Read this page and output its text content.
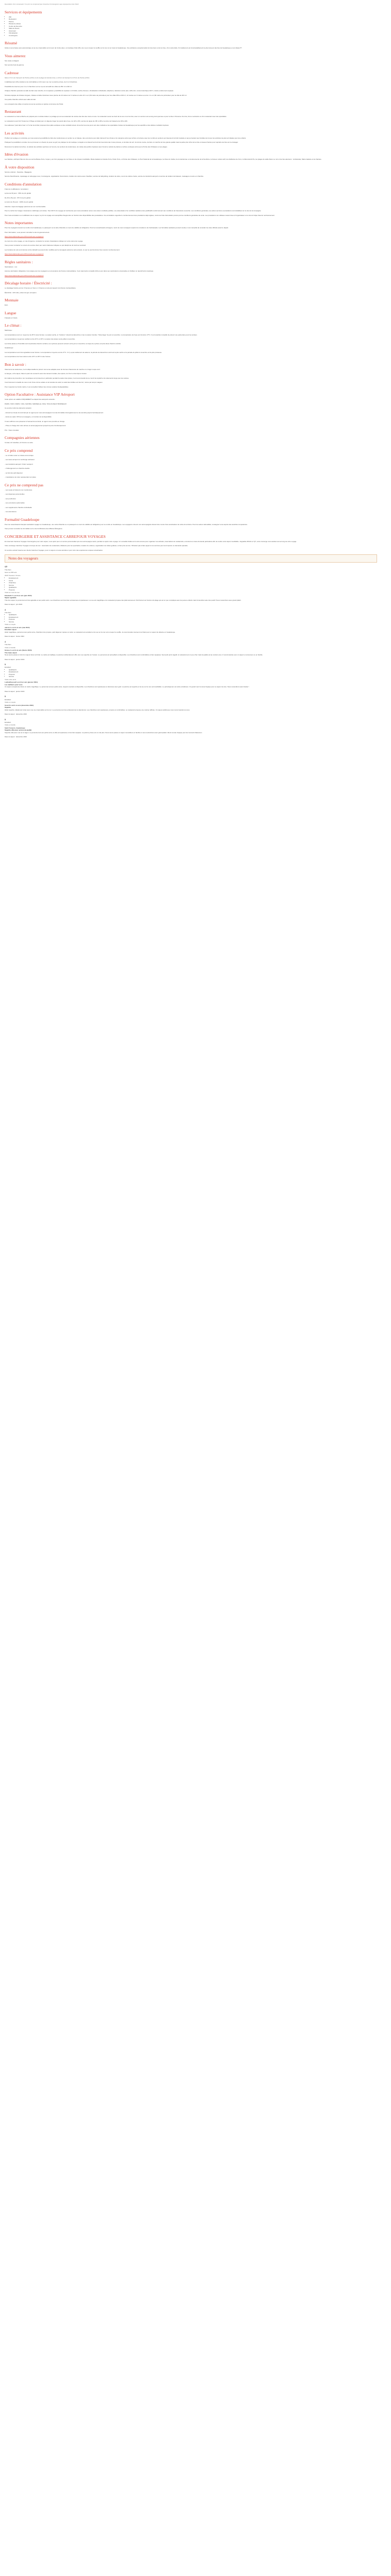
Description d'un composant / Ce prix ne comprend pas l'unanime Conciergerie Loge Arquéyonne Axis Clévil

Services et équipements
• Wifi
• Restaurant
• Piscine
• Plusieurs entrées
• Centre de bien-être
• Salle de fitness
• Ascenseur
• Climatisation
• Conciergerie
Résumé

Grâce à sa terrasse avec panoramique et sa vue imprenable sur le lever de l'entre-deux, ce boutique hôtel offre une vue à couper le souffle sur la mer et sur toute la Guadeloupe. Une ambiance exceptionnelle loin des lieux et de la crise, vif et cette belle, l'ici réellement est incontestablement le plus luxueux des îles de Guadeloupe et est classé 5*.

Vous aimerez

Son vaste et élégant

Son service haut de gamme

Cadresse

Situé à 5 km de l'aéroport de Pointe-à-Pitre et de la plage de Grande Anse, à 20 km de l'aéroport et 15 km de Pointe-à-Pitre.

L'établissement offre résidence de confortables et chic avec vue mer et piscine privée, de 2 à 4 chambres.

Possibilité de réserver pour 2 ou 3 chambres sur les 4 pour accueillir les villas de 250 m² à 430 m².

Chaque chambre possède sa salle de bain avec douche, fer à repasser, possibilité de repasser un lit bébé, sèche-cheveux, climatisation individuelle, téléphone, télévision écran plat, coffre-fort, couvert électrique 220 V, cuisine entièrement équipée.

Terrasse équipée de chaises longues, chaises et table d'extérieur avec piscine de 10 mètres sur 3 mètres et entre 16 m et 1,50 mètre de profondeur pour les villas 250 et 430 m², 12 mètres sur 3 mètres et entre 1 m et 1,50 mètre de profondeur pour la villa de 315 m².

Une petite chambre enfant avec salle de bain.

Les occupants des villas ont accès à tous les services et parties communes de l'hôtel.

Restaurant

Le restaurant La Canne Mèche est préparé par un artiste traiteur, le partage qui est au restaurant de cuisine des îles des mets et mets. Ce restaurant ouvert au bord de la mer et sur les îles, avec un service tout au long de la journée et pour le diner. Présence d'un bar, d'une mezzanine et d'un restaurant avec des spécialités.

Le restaurant ouvert fort Toutes les 2 Plage est idéal pour un déjeuner léger les pieds dans l'eau, de 12h à 15h, service de tapas de 15h à 18h et service de brasserie de 19h à 22h.

Ces adresses "pied dans l'eau" et "le bar de la Mer proposent des plats exotiques et des cocktails locaux. Et au bar tous les jours vers des cocktails et les spécialités créoles de Guadeloupe pour les apéritifs et des délices cocktails tropicaux.

Les activités

Profitez de la plage en contrebas, qui vous assure la possibilité de faire des randonnées en sentier ou en bateau, des excursions pour aller découvrir les chutes et la mangrove ainsi que la flore et la faune avec les nombreux sentiers qui traversent la forêt tropicale et qui permettent aux familles de trouver les activités de plein air idéales pour les enfants.

Pratiquez la possibilité le snorkel, de se promener en cheval, de jouer au golf, de pratiquer le ski nautique, le kayak ou le kitesurf au bord de l'eau dans des zones prévues, et de faire du surf, du ski de course, de faire un marché de très grande qualité mais la partie plus riche de la côte et réseau d'accès pour rejoindre les îles est à envisager.

Découvrez la variété de la flore, la variété des activités sportives sur la terre, les sentiers de randonnées, les visites des jardins tropicaux avec l'énorme variété de plantes et arbres exotiques ainsi que le Pointe des Châteaux et ses plages.

Idées d'évasion

Les Saintes, archipel d'îles de rêve au sud de Basse-Terre, l'enjeu y est d'un paysage de mer bleue et de criques inoubliable. Marie-Galante la Grande-Terre, Petite Terre, et Pointe des Châteaux, le Parc National de la Guadeloupe, la chute du Carbet, de la randonnée ou la découverte de la Soufrière, le fameux volcan actif, les distilleries de rhum, le Mémorial ACTe, les plages de sable blanc ou noir et les îles alentours : la Désirade, Marie Galante et les Saintes.

À votre disposition

Service voiturier - Navettes - Bagagerie

Service blanchisserie, repassage et nettoyage à sec, Conciergerie, organisation d'excursions, location de voiture avec chauffeur, service de babysitting, location de vélos, cours de cuisine créole, service de transferts aéroport et service de location de bateaux, massages et soins en chambre.

Conditions d'annulation

Frais de modifications / annulation :

à plus de 30 jours : 30% du prix global

De 29 à 15 jours : 65 % du prix global

à moins de 15 jours : 100% du prix global

Attention, l'ajout de bagage optionnel est non remboursable.

Pour le confort de l'usager, l'assurance multirisque est incluse. Tout 100 % du voyage est remboursé pour toute annulation suite à une raison médicale justifiée, sur présentation d'un certificat médical et des justificatifs conformément aux conditions de l'assurance souscrite. Les conditions générales, les autres services et prestations sont détaillées sur le site de la compagnie.

Pour toute annulation ou modification de ce séjour, le prix du voyage est susceptible d'augmenter en fonction des disponibilités des prestataires. Une annulation engendre le remboursement des prestations déjà réglées, moins les frais d'annulation prévus par les conditions générales de vente. Les prestations non utilisées restent dues à l'organisateur et ne feront l'objet d'aucun remboursement.

Notes importantes

Pour les voyageurs devant se rendre à la Guadeloupe, le passeport ou la carte d'identité en cours de validité est obligatoire. Pour les ressortissants étrangers, merci de vous renseigner auprès du consulat ou de l'ambassade. Les formalités sanitaires peuvent évoluer, il est conseillé de consulter les sites officiels avant le départ.

Pour information, vous pouvez consulter le site du gouvernement.

https://www.diplomatie.gouv.fr/fr/conseils-aux-voyageurs/

Au cours de votre voyage, en cas d'urgence, contactez le numéro d'assistance indiqué sur votre carnet de voyage.

Vous pouvez contacter le numéro du service client par mail à l'adresse indiquée ou par téléphone du lundi au vendredi.

Les horaires de vols sont donnés à titre indicatif et peuvent être modifiés par la compagnie aérienne sans préavis, ce qui ne pourra donner lieu à aucun remboursement.

https://www.diplomatie.gouv.fr/fr/conseils-aux-voyageurs/

Règles sanitaires :

Vaccinations : non

Aucune vaccination obligatoire n'est exigée pour les voyageurs en provenance de France métropolitaine. Il est néanmoins conseillé d'être à jour dans ses vaccinations universelles et d'utiliser un répulsif anti-moustique.

https://www.diplomatie.gouv.fr/fr/conseils-aux-voyageurs/

Décalage horaire / Électricité :

Le décalage horaire est de -5 heures en hiver et -6 heures en été par rapport à la France métropolitaine.

Électricité : 220 volts, prises de type européen.

Monnaie

Euro

Langue

Français et Créole

Le climat :

Martinique :

Les températures sont en moyenne de 26°C toute l'année. La saison sèche, le "Carême" s'étend de décembre à mai, la saison humide, "l'Hivernage" de juin à novembre. La température de l'eau est d'environ 27°C. Il est toutefois conseillé de prévoir une petite laine pour les soirées.

Les températures moyennes oscillent entre 24°C et 30°C, la saison des pluies va de juillet à novembre.

Les fortes pluies et l'humidité sont importantes d'août à octobre, les cyclones peuvent survenir entre juin et novembre, le risque de cyclone est plus élevé d'août à octobre.

Guadeloupe :

Les températures sont très agréables toute l'année. La température moyenne est de 27°C. Il n'y a pas réellement de saisons, la période de décembre à avril est la plus sèche et la période de juillet à novembre est la plus pluvieuse.

Les températures de l'eau varient entre 24°C et 29°C toute l'année.

Bon à savoir :

Vêtements de randonnée, il est indispensable de prévoir une tenue adaptée avec de bonnes chaussures de marche et un léger coupe-vent.

La langue, votre séjour, faites le plein de souvenirs avec des saveurs locales, des épices, du rhum et des bijoux créoles.

En matière de prévention, les moustiques sont présents en particulier pendant la saison des pluies, il est recommandé de se munir de répulsif et de vêtements longs pour les soirées.

Il est fortement conseillé de vous munir d'une crème solaire et de lunettes de soleil, le soleil des Antilles est très fort, même par temps nuageux.

Pour respecter les fonds marins, il est conseillé d'utiliser des crèmes solaires biodégradables.

Option Facultative : Assistance VIP Aéroport

Cette option est valable UNIQUEMENT au départ des aéroports suivants :

PARIS / ORLY, PARIS / CDG, NANTES, MARSEILLE, NICE, TOULOUSE ET BORDEAUX

Ce service inclut les éléments suivants :

- Accueil au niveau du terminal par un agent pour vous accompagner lors des formalités d'enregistrement et de sécurité jusqu'à l'embarquement

- Accès au salon VIP de la compagnie, en fonction de la disponibilité

Il vous suffit de vous présenter à l'accueil du terminal, un agent vous prendra en charge.

- Prise en charge dès votre arrivée et accompagnement jusqu'à la porte d'embarquement

Prix : Nous consulter

Compagnies aériennes

Corsair, Air Caraïbes, Air France ou autre

Ce prix comprend

- Le vol aller-retour en classe économique

- Les taxes aéroport et surcharge carburant

- Les transferts aéroport / hôtel / aéroport

- L'hébergement en chambre double

- La formule petit déjeuner

- L'assistance de notre représentant sur place

Ce prix ne comprend pas

- Les repas et boissons non mentionnés

- Les dépenses personnelles

- Les pourboires

- Les excursions optionnelles

- Les suppléments chambre individuelle

- Les assurances

Formalité Guadeloupe

Pour les ressortissants français souhaitant voyager en Guadeloupe, une carte d'identité ou un passeport en cours de validité est obligatoire pour se rendre en Guadeloupe. Les voyageurs mineurs non accompagnés doivent être munis d'une autorisation de sortie du territoire. Pour les autres nationalités, renseignez-vous auprès des autorités compétentes.

Vous pouvez consulter les formalités sur le site du Ministère des Affaires Étrangères.

CONCIERGERIE ET ASSISTANCE CARREFOUR VOYAGES

En réservant Carrefour Voyages Conciergerie pour votre séjour, vous optez pour un service personnalisé qui vous accompagne avant, pendant et après votre voyage. Un conseiller dédié est à votre écoute pour organiser vos activités, réservations de restaurants, excursions et toute demande particulière afin de rendre votre séjour inoubliable. Joignable 24h/24 et 7j/7, votre concierge vous assiste tout au long de votre voyage.

Votre concierge Carrefour Voyages s'occupe de tout : réservation de restaurants, billetterie pour les spectacles, location de voitures, organisation de visites guidées, et bien plus encore. N'hésitez pas à faire appel à nos services pour tout imprévu ou demande spéciale.

Un service exclusif réservé aux clients Carrefour Voyages, pour un séjour en toute sérénité et pour vivre des expériences uniques à destination.

Notes des voyageurs

4,5

Très bien

basé sur 805 avis

2025 Travelers' Choice

• Emplacement
• Literie
• Chambres
• Service
• Qualité/prix
• Propreté

Visité au mois de mai

Elisabeth F a écrit un avis (juin 2024)

Séjour agréable

Très bon séjour, le personnel est très agréable et aux petits soins. Les chambres sont très bien entretenues et spacieuses. La vue est magnifique et le restaurant propose des plats savoureux. Petit bémol sur l'accès à la plage qui est un peu compliqué avec de jeunes enfants mais l'ensemble reste très positif. Nous reviendrons avec grand plaisir.

Date du séjour : juin 2024

4

Très bien

• Qualité/prix
• Emplacement
• Propreté
• Service

Visité en couple

valerie b a écrit un avis (mai 2024)

Excellent séjour

Hôtel magnifique, personnel aux petits soins, chambres très propres, petit déjeuner copieux et varié. Le restaurant est excellent et la vue sur la mer est à couper le souffle. Je recommande vivement cet hôtel pour un séjour de détente en Guadeloupe.

Date du séjour : février 2024

4

Très bien

Visité en famille

Kelsea J a écrit un avis (février 2024)

Très beau séjour

Nous avons passé un très bon séjour dans cet hôtel. Le cadre est idyllique, la piscine à débordement offre une vue superbe sur l'océan. Le personnel est accueillant et disponible. Les chambres sont confortables et bien équipées. Seul petit point négatif, le restaurant est un peu cher mais la qualité est au rendez-vous. À recommander pour un séjour en amoureux ou en famille.

Date du séjour : janvier 2024

5

Excellent

• Qualité/prix
• Emplacement
• Propreté
• Service

Visité entre amis

LudivaRoussel2 a écrit un avis (janvier 2024)

Les meilleurs pour vous

Un séjour exceptionnel dans un cadre magnifique. Le personnel est aux petits soins, toujours souriant et disponible. Les chambres sont spacieuses et décorées avec goût. La piscine est superbe et la vue sur la mer est inoubliable. Le petit-déjeuner est varié et délicieux. Un grand merci à toute l'équipe pour ce séjour de rêve. Nous reviendrons sans hésiter !

Date du séjour : janvier 2024

5

Excellent

Visité en couple

Sorel R a écrit un avis (décembre 2023)

Superbe

Hôtel superbe, idéalement situé avec une vue imprenable sur la mer. Le personnel est très professionnel et attentionné. Les chambres sont spacieuses, propres et confortables. Le restaurant propose une cuisine raffinée. Un séjour parfait que nous recommandons à tous.

Date du séjour : décembre 2023

5

Excellent

Visité en famille

Saint François, Guadeloupe

Superbe villa avec service de qualité

Superbe villa avec vue sur le lagon. Le personnel est aux petits soins, la villa est spacieuse et très bien équipée. La piscine privée est un vrai plus. Nous avons passé un séjour merveilleux en famille et nous reviendrons avec grand plaisir. Merci à toute l'équipe pour leur accueil chaleureux.

Date du séjour : décembre 2023
